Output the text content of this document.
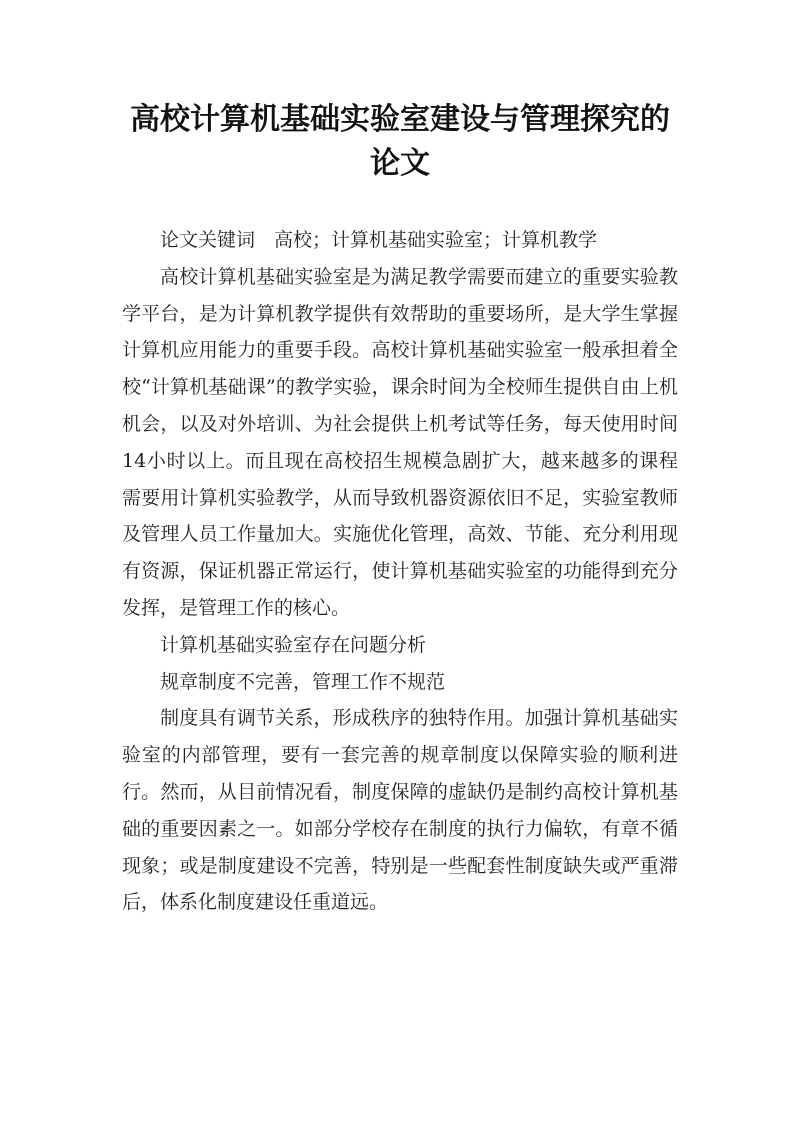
高校计算机基础实验室建设与管理探究的
论文

论文关键词 高校；计算机基础实验室；计算机教学

高校计算机基础实验室是为满足教学需要而建立的重要实验教学平台，是为计算机教学提供有效帮助的重要场所，是大学生掌握计算机应用能力的重要手段。高校计算机基础实验室一般承担着全校“计算机基础课”的教学实验，课余时间为全校师生提供自由上机机会，以及对外培训、为社会提供上机考试等任务，每天使用时间14小时以上。而且现在高校招生规模急剧扩大，越来越多的课程需要用计算机实验教学，从而导致机器资源依旧不足，实验室教师及管理人员工作量加大。实施优化管理，高效、节能、充分利用现有资源，保证机器正常运行，使计算机基础实验室的功能得到充分发挥，是管理工作的核心。

计算机基础实验室存在问题分析

规章制度不完善，管理工作不规范

制度具有调节关系，形成秩序的独特作用。加强计算机基础实验室的内部管理，要有一套完善的规章制度以保障实验的顺利进行。然而，从目前情况看，制度保障的虚缺仍是制约高校计算机基础的重要因素之一。如部分学校存在制度的执行力偏软，有章不循现象；或是制度建设不完善，特别是一些配套性制度缺失或严重滞后，体系化制度建设任重道远。
